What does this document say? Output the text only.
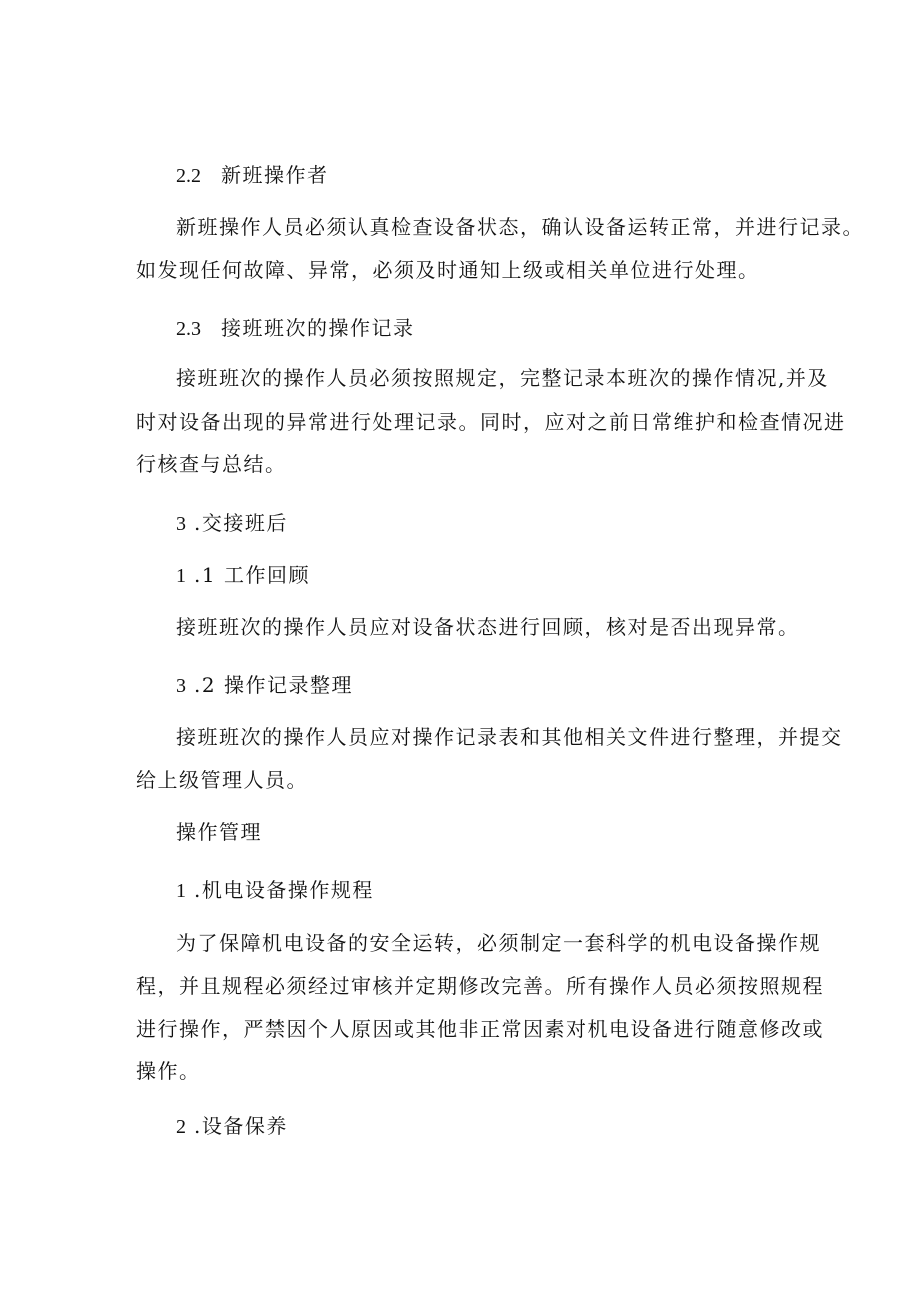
2.2 新班操作者
新班操作人员必须认真检查设备状态，确认设备运转正常，并进行记录。
如发现任何故障、异常，必须及时通知上级或相关单位进行处理。
2.3 接班班次的操作记录
接班班次的操作人员必须按照规定，完整记录本班次的操作情况,并及
时对设备出现的异常进行处理记录。同时，应对之前日常维护和检查情况进
行核查与总结。
3 .交接班后
1 .1 工作回顾
接班班次的操作人员应对设备状态进行回顾，核对是否出现异常。
3 .2 操作记录整理
接班班次的操作人员应对操作记录表和其他相关文件进行整理，并提交
给上级管理人员。
操作管理
1 .机电设备操作规程
为了保障机电设备的安全运转，必须制定一套科学的机电设备操作规
程，并且规程必须经过审核并定期修改完善。所有操作人员必须按照规程
进行操作，严禁因个人原因或其他非正常因素对机电设备进行随意修改或
操作。
2 .设备保养
